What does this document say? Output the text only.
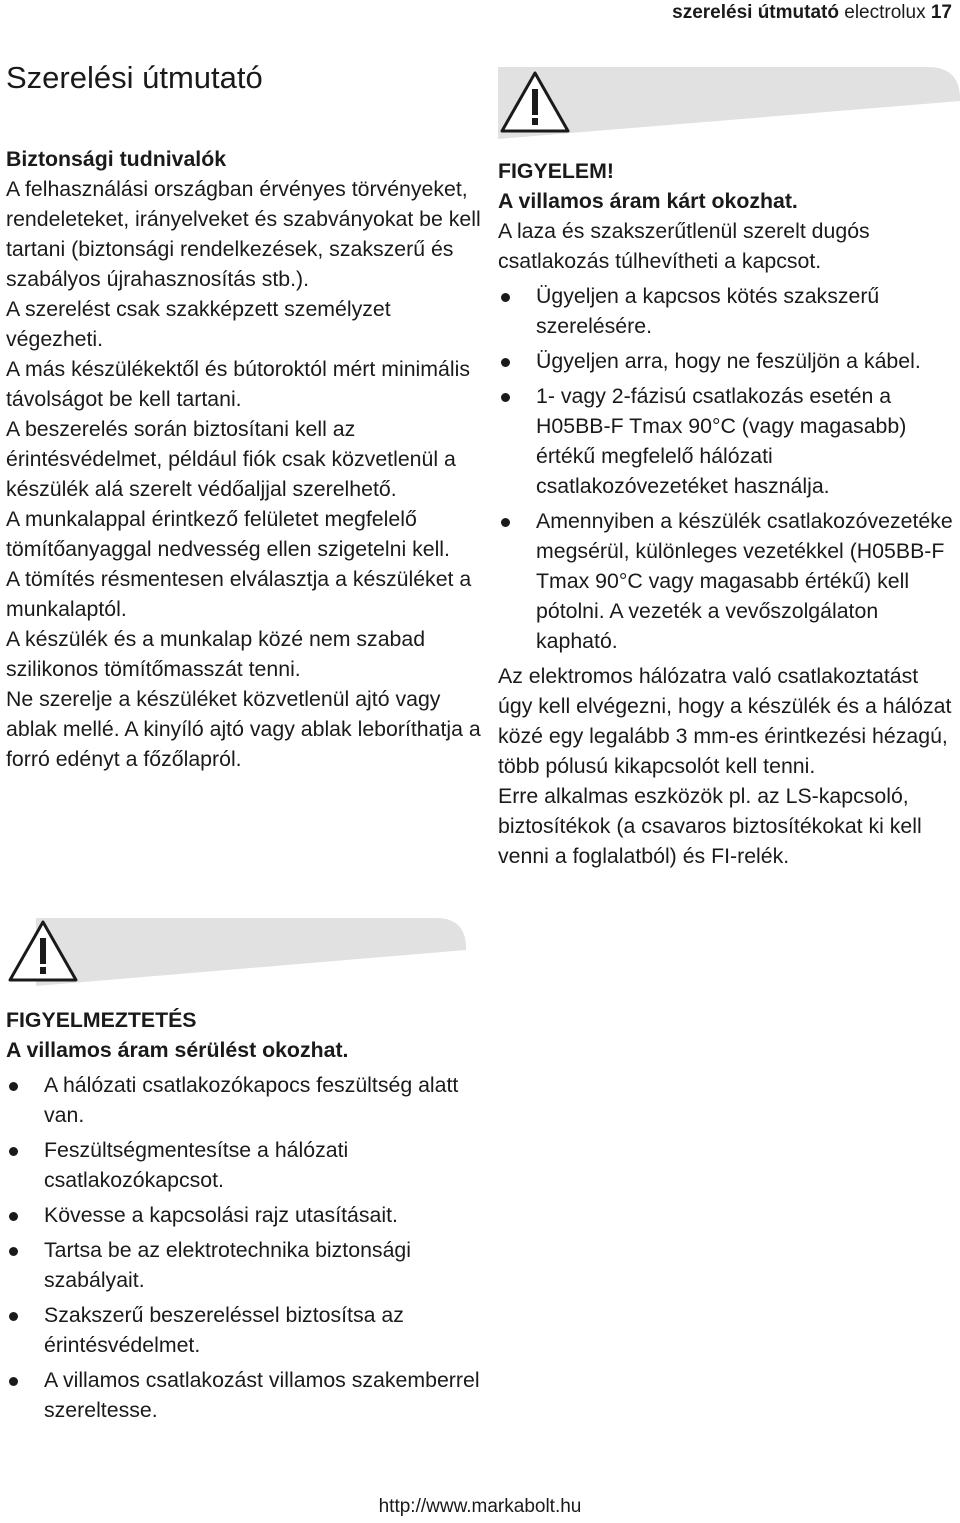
szerelési útmutató electrolux 17
Szerelési útmutató
Biztonsági tudnivalók

A felhasználási országban érvényes törvényeket, rendeleteket, irányelveket és szabványokat be kell tartani (biztonsági rendelkezések, szakszerű és szabályos újrahasznosítás stb.).

A szerelést csak szakképzett személyzet végezheti.

A más készülékektől és bútoroktól mért minimális távolságot be kell tartani.

A beszerelés során biztosítani kell az érintésvédelmet, például fiók csak közvetlenül a készülék alá szerelt védőaljjal szerelhető.

A munkalappal érintkező felületet megfelelő tömítőanyaggal nedvesség ellen szigetelni kell.

A tömítés résmentesen elválasztja a készüléket a munkalaptól.

A készülék és a munkalap közé nem szabad szilikonos tömítőmasszát tenni.

Ne szerelje a készüléket közvetlenül ajtó vagy ablak mellé. A kinyíló ajtó vagy ablak leboríthatja a forró edényt a főzőlapról.

FIGYELMEZTETÉS
A villamos áram sérülést okozhat.
A hálózati csatlakozókapocs feszültség alatt van.
Feszültségmentesítse a hálózati csatlakozókapcsot.
Kövesse a kapcsolási rajz utasításait.
Tartsa be az elektrotechnika biztonsági szabályait.
Szakszerű beszereléssel biztosítsa az érintésvédelmet.
A villamos csatlakozást villamos szakemberrel szereltesse.
FIGYELEM!
A villamos áram kárt okozhat.

A laza és szakszerűtlenül szerelt dugós csatlakozás túlhevítheti a kapcsot.

Ügyeljen a kapcsos kötés szakszerű szerelésére.
Ügyeljen arra, hogy ne feszüljön a kábel.
1- vagy 2-fázisú csatlakozás esetén a H05BB-F Tmax 90°C (vagy magasabb) értékű megfelelő hálózati csatlakozóvezetéket használja.
Amennyiben a készülék csatlakozóvezetéke megsérül, különleges vezetékkel (H05BB-F Tmax 90°C vagy magasabb értékű) kell pótolni. A vezeték a vevőszolgálaton kapható.

Az elektromos hálózatra való csatlakoztatást úgy kell elvégezni, hogy a készülék és a hálózat közé egy legalább 3 mm-es érintkezési hézagú, több pólusú kikapcsolót kell tenni.

Erre alkalmas eszközök pl. az LS-kapcsoló, biztosítékok (a csavaros biztosítékokat ki kell venni a foglalatból) és FI-relék.

http://www.markabolt.hu
